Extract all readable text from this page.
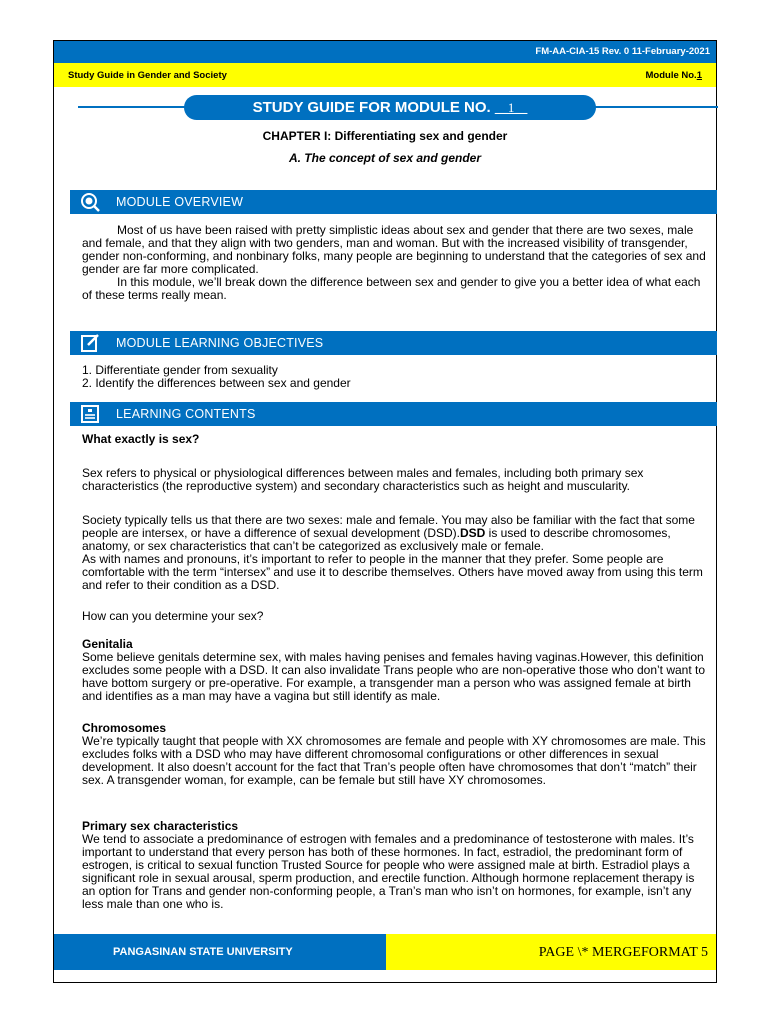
FM-AA-CIA-15 Rev. 0 11-February-2021
Study Guide in Gender and Society	Module No.1
STUDY GUIDE FOR MODULE NO. __1__
CHAPTER I: Differentiating sex and gender
A. The concept of sex and gender
MODULE OVERVIEW

Most of us have been raised with pretty simplistic ideas about sex and gender that there are two sexes, male and female, and that they align with two genders, man and woman. But with the increased visibility of transgender, gender non-conforming, and nonbinary folks, many people are beginning to understand that the categories of sex and gender are far more complicated.

In this module, we’ll break down the difference between sex and gender to give you a better idea of what each of these terms really mean.

MODULE LEARNING OBJECTIVES

1. Differentiate gender from sexuality

2. Identify the differences between sex and gender

LEARNING CONTENTS
What exactly is sex?
Sex refers to physical or physiological differences between males and females, including both primary sex characteristics (the reproductive system) and secondary characteristics such as height and muscularity.

Society typically tells us that there are two sexes: male and female. You may also be familiar with the fact that some people are intersex, or have a difference of sexual development (DSD).DSD is used to describe chromosomes, anatomy, or sex characteristics that can’t be categorized as exclusively male or female.

As with names and pronouns, it’s important to refer to people in the manner that they prefer. Some people are comfortable with the term “intersex” and use it to describe themselves. Others have moved away from using this term and refer to their condition as a DSD.

How can you determine your sex?

Genitalia

Some believe genitals determine sex, with males having penises and females having vaginas.However, this definition excludes some people with a DSD. It can also invalidate Trans people who are non-operative those who don’t want to have bottom surgery or pre-operative. For example, a transgender man a person who was assigned female at birth and identifies as a man may have a vagina but still identify as male.

Chromosomes

We’re typically taught that people with XX chromosomes are female and people with XY chromosomes are male. This excludes folks with a DSD who may have different chromosomal configurations or other differences in sexual development. It also doesn’t account for the fact that Tran’s people often have chromosomes that don’t “match” their sex. A transgender woman, for example, can be female but still have XY chromosomes.

Primary sex characteristics

We tend to associate a predominance of estrogen with females and a predominance of testosterone with males. It’s important to understand that every person has both of these hormones. In fact, estradiol, the predominant form of estrogen, is critical to sexual function Trusted Source for people who were assigned male at birth. Estradiol plays a significant role in sexual arousal, sperm production, and erectile function. Although hormone replacement therapy is an option for Trans and gender non-conforming people, a Tran’s man who isn’t on hormones, for example, isn’t any less male than one who is.

PANGASINAN STATE UNIVERSITY	PAGE \* MERGEFORMAT 5
